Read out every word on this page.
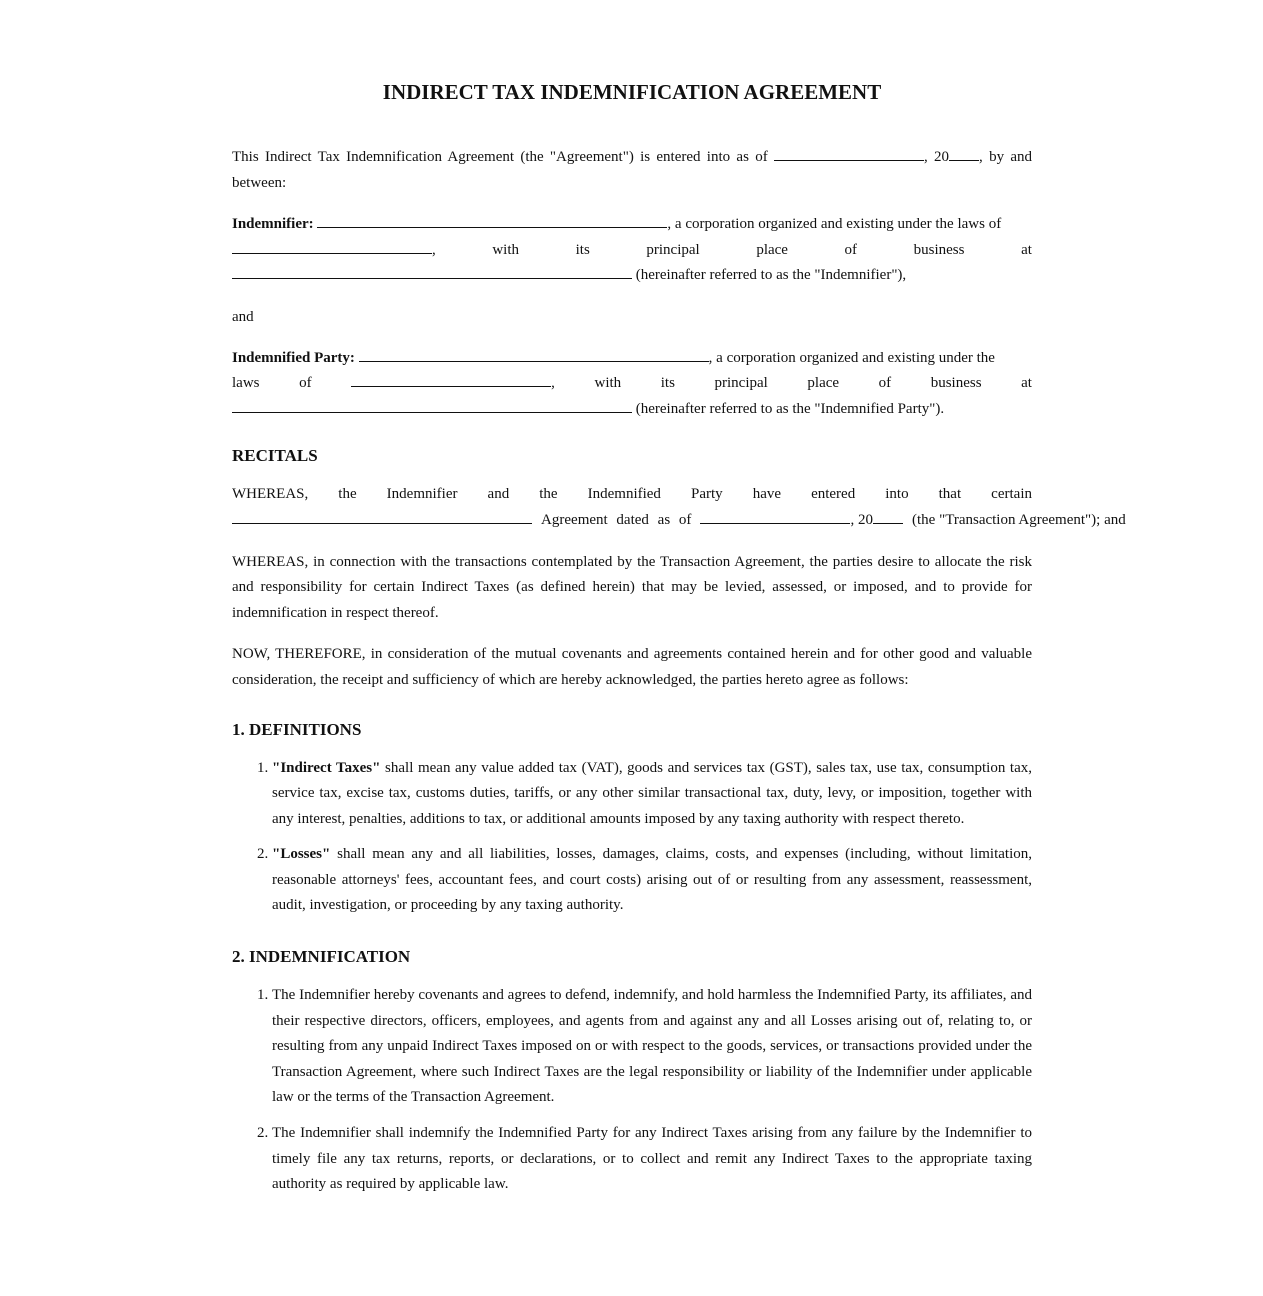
INDIRECT TAX INDEMNIFICATION AGREEMENT

This Indirect Tax Indemnification Agreement (the "Agreement") is entered into as of	, 20 , by and between:

Indemnifier:	, a corporation organized and existing under the laws of
,	with	its	principal	place	of	business	at
(hereinafter referred to as the "Indemnifier"),

and

Indemnified Party:	, a corporation organized and existing under the
laws	of	,	with	its	principal	place	of	business	at
(hereinafter referred to as the "Indemnified Party").

RECITALS

WHEREAS, the Indemnifier and the Indemnified Party have entered into that certain
Agreement dated as of	, 20	(the "Transaction Agreement"); and

WHEREAS, in connection with the transactions contemplated by the Transaction Agreement, the parties desire to allocate the risk and responsibility for certain Indirect Taxes (as defined herein) that may be levied, assessed, or imposed, and to provide for indemnification in respect thereof.

NOW, THEREFORE, in consideration of the mutual covenants and agreements contained herein and for other good and valuable consideration, the receipt and sufficiency of which are hereby acknowledged, the parties hereto agree as follows:

1. DEFINITIONS
1. "Indirect Taxes" shall mean any value added tax (VAT), goods and services tax (GST), sales tax, use tax, consumption tax, service tax, excise tax, customs duties, tariffs, or any other similar transactional tax, duty, levy, or imposition, together with any interest, penalties, additions to tax, or additional amounts imposed by any taxing authority with respect thereto.
2. "Losses" shall mean any and all liabilities, losses, damages, claims, costs, and expenses (including, without limitation, reasonable attorneys' fees, accountant fees, and court costs) arising out of or resulting from any assessment, reassessment, audit, investigation, or proceeding by any taxing authority.
2. INDEMNIFICATION
1. The Indemnifier hereby covenants and agrees to defend, indemnify, and hold harmless the Indemnified Party, its affiliates, and their respective directors, officers, employees, and agents from and against any and all Losses arising out of, relating to, or resulting from any unpaid Indirect Taxes imposed on or with respect to the goods, services, or transactions provided under the Transaction Agreement, where such Indirect Taxes are the legal responsibility or liability of the Indemnifier under applicable law or the terms of the Transaction Agreement.
2. The Indemnifier shall indemnify the Indemnified Party for any Indirect Taxes arising from any failure by the Indemnifier to timely file any tax returns, reports, or declarations, or to collect and remit any Indirect Taxes to the appropriate taxing authority as required by applicable law.
